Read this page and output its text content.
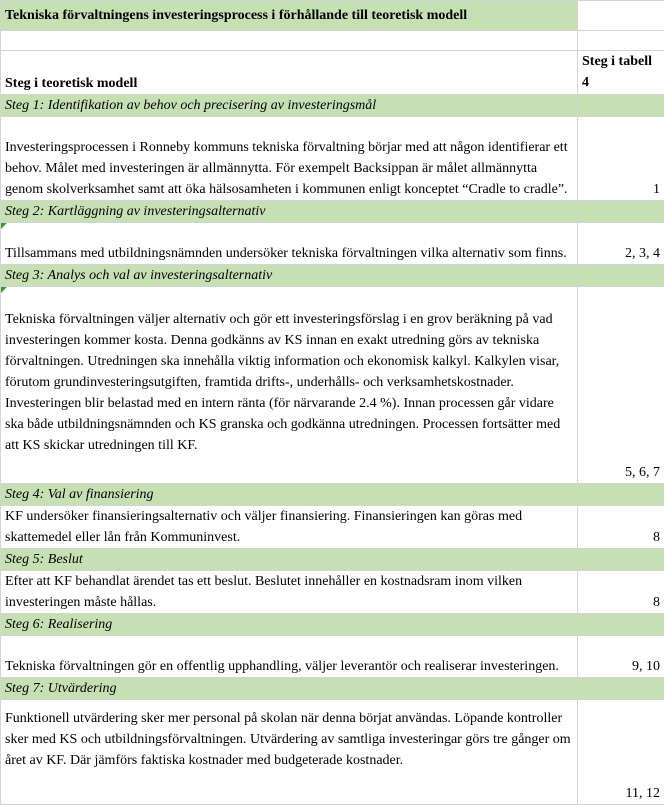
Tekniska förvaltningens investeringsprocess i förhållande till teoretisk modell	

Steg i teoretisk modell	Steg i tabell 4
Steg 1: Identifikation av behov och precisering av investeringsmål	
Investeringsprocessen i Ronneby kommuns tekniska förvaltning börjar med att någon identifierar ett behov. Målet med investeringen är allmännytta. För exempelt Backsippan är målet allmännytta genom skolverksamhet samt att öka hälsosamheten i kommunen enligt konceptet “Cradle to cradle”.	1
Steg 2: Kartläggning av investeringsalternativ	

Tillsammans med utbildningsnämnden undersöker tekniska förvaltningen vilka alternativ som finns.	2, 3, 4
Steg 3: Analys och val av investeringsalternativ	

Tekniska förvaltningen väljer alternativ och gör ett investeringsförslag i en grov beräkning på vad investeringen kommer kosta. Denna godkänns av KS innan en exakt utredning görs av tekniska förvaltningen. Utredningen ska innehålla viktig information och ekonomisk kalkyl. Kalkylen visar, förutom grundinvesteringsutgiften, framtida drifts-, underhålls- och verksamhetskostnader. Investeringen blir belastad med en intern ränta (för närvarande 2.4 %). Innan processen går vidare ska både utbildningsnämnden och KS granska och godkänna utredningen. Processen fortsätter med att KS skickar utredningen till KF.	5, 6, 7
Steg 4: Val av finansiering	
KF undersöker finansieringsalternativ och väljer finansiering. Finansieringen kan göras med skattemedel eller lån från Kommuninvest.	8
Steg 5: Beslut	
Efter att KF behandlat ärendet tas ett beslut. Beslutet innehåller en kostnadsram inom vilken investeringen måste hållas.	8
Steg 6: Realisering	
Tekniska förvaltningen gör en offentlig upphandling, väljer leverantör och realiserar investeringen.	9, 10
Steg 7: Utvärdering	
Funktionell utvärdering sker mer personal på skolan när denna börjat användas. Löpande kontroller sker med KS och utbildningsförvaltningen. Utvärdering av samtliga investeringar görs tre gånger om året av KF. Där jämförs faktiska kostnader med budgeterade kostnader.	11, 12
